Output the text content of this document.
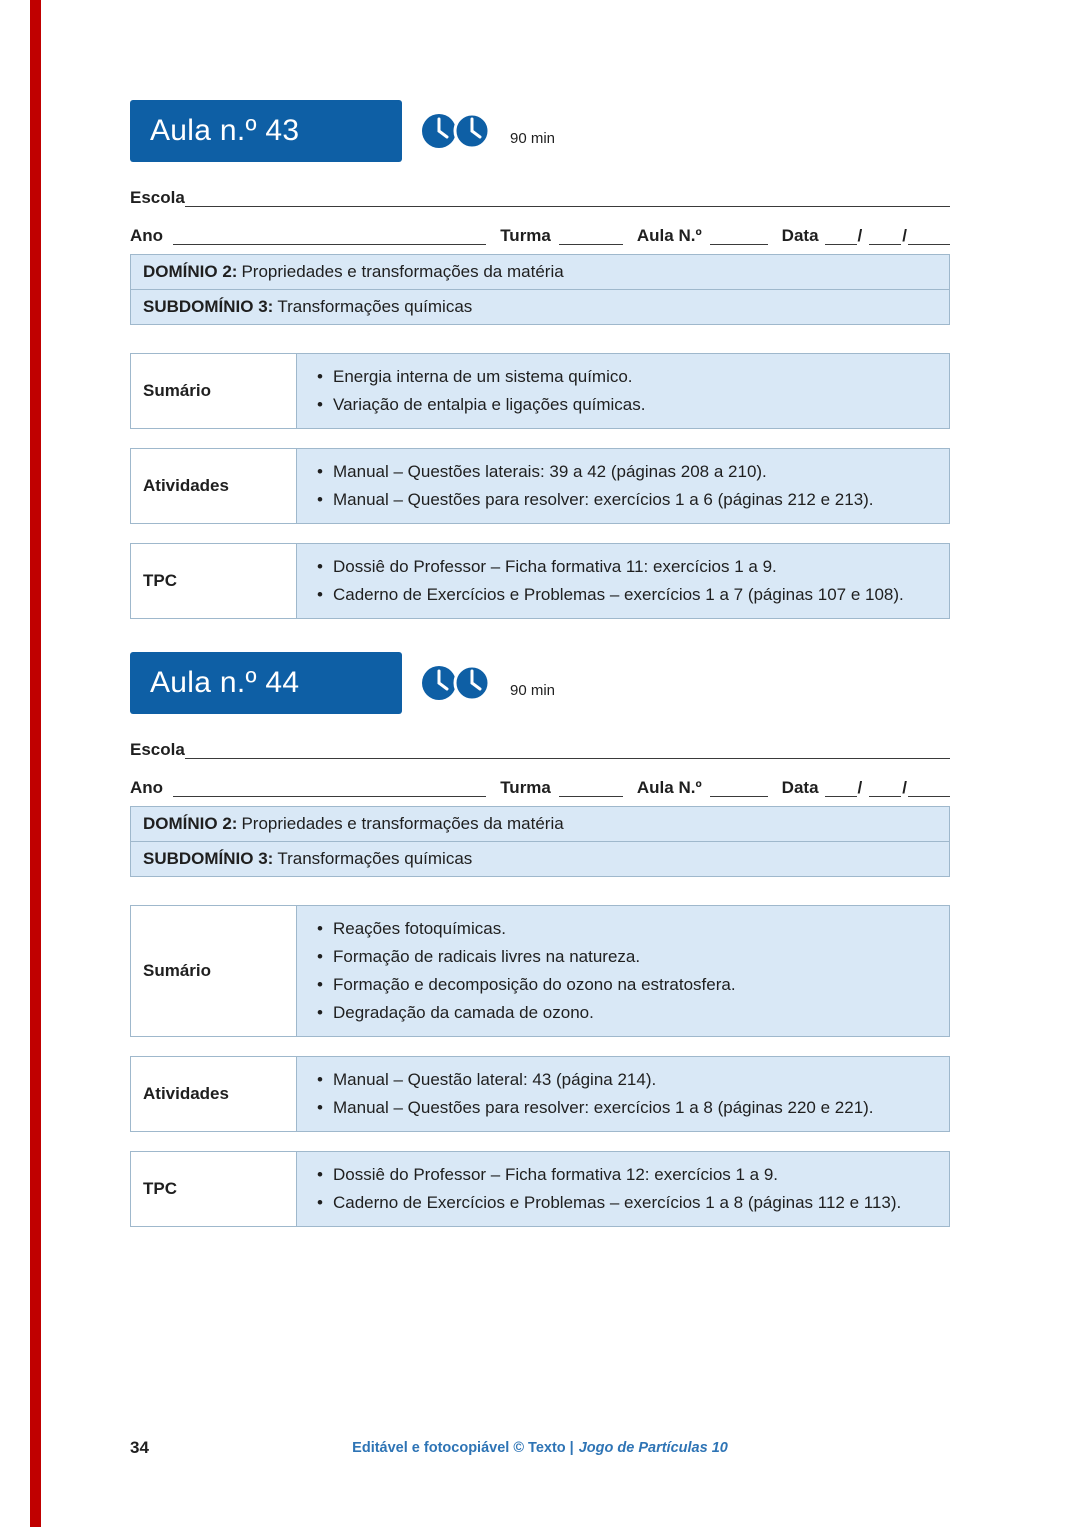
Aula n.º 43	90 min
Escola
Ano	Turma	Aula N.º	Data / /
DOMÍNIO 2: Propriedades e transformações da matéria
SUBDOMÍNIO 3: Transformações químicas
Sumário
• Energia interna de um sistema químico.
• Variação de entalpia e ligações químicas.
Atividades
• Manual – Questões laterais: 39 a 42 (páginas 208 a 210).
• Manual – Questões para resolver: exercícios 1 a 6 (páginas 212 e 213).
TPC
• Dossiê do Professor – Ficha formativa 11: exercícios 1 a 9.
• Caderno de Exercícios e Problemas – exercícios 1 a 7 (páginas 107 e 108).
Aula n.º 44	90 min
Escola
Ano	Turma	Aula N.º	Data / /
DOMÍNIO 2: Propriedades e transformações da matéria
SUBDOMÍNIO 3: Transformações químicas
Sumário
• Reações fotoquímicas.
• Formação de radicais livres na natureza.
• Formação e decomposição do ozono na estratosfera.
• Degradação da camada de ozono.
Atividades
• Manual – Questão lateral: 43 (página 214).
• Manual – Questões para resolver: exercícios 1 a 8 (páginas 220 e 221).
TPC
• Dossiê do Professor – Ficha formativa 12: exercícios 1 a 9.
• Caderno de Exercícios e Problemas – exercícios 1 a 8 (páginas 112 e 113).
34	Editável e fotocopiável © Texto | Jogo de Partículas 10
